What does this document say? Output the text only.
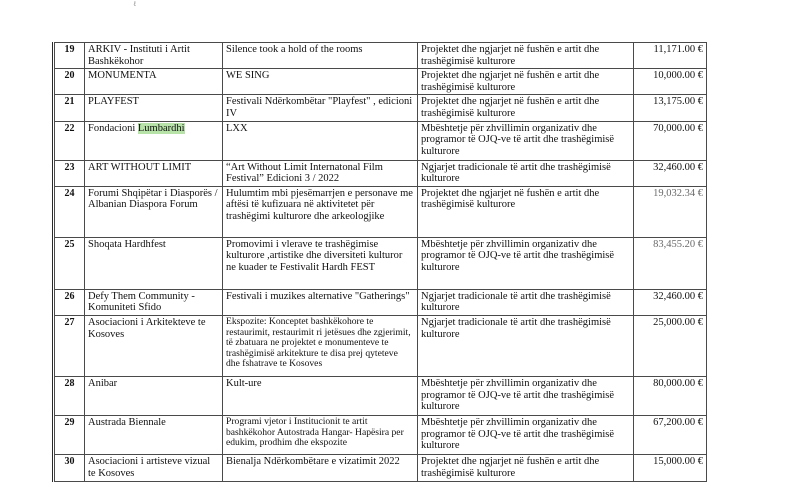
ℓ
19	ARKIV - Instituti i Artit Bashkëkohor	Silence took a hold of the rooms	Projektet dhe ngjarjet në fushën e artit dhe trashëgimisë kulturore	11,171.00 €
20	MONUMENTA	WE SING	Projektet dhe ngjarjet në fushën e artit dhe trashëgimisë kulturore	10,000.00 €
21	PLAYFEST	Festivali Ndërkombëtar "Playfest" , edicioni IV	Projektet dhe ngjarjet në fushën e artit dhe trashëgimisë kulturore	13,175.00 €
22	Fondacioni Lumbardhi	LXX	Mbështetje për zhvillimin organizativ dhe programor të OJQ-ve të artit dhe trashëgimisë kulturore	70,000.00 €
23	ART WITHOUT LIMIT	“Art Without Limit Internatonal Film Festival” Edicioni 3 / 2022	Ngjarjet tradicionale të artit dhe trashëgimisë kulturore	32,460.00 €
24	Forumi Shqipëtar i Diasporës / Albanian Diaspora Forum	Hulumtim mbi pjesëmarrjen e personave me aftësi të kufizuara në aktivitetet për trashëgimi kulturore dhe arkeologjike	Projektet dhe ngjarjet në fushën e artit dhe trashëgimisë kulturore	19,032.34 €
25	Shoqata Hardhfest	Promovimi i vlerave te trashëgimise kulturore ,artistike dhe diversiteti kulturor ne kuader te Festivalit Hardh FEST	Mbështetje për zhvillimin organizativ dhe programor të OJQ-ve të artit dhe trashëgimisë kulturore	83,455.20 €
26	Defy Them Community - Komuniteti Sfido	Festivali i muzikes alternative "Gatherings"	Ngjarjet tradicionale të artit dhe trashëgimisë kulturore	32,460.00 €
27	Asociacioni i Arkitekteve te Kosoves	Ekspozite: Konceptet bashkëkohore te restaurimit, restaurimit ri jetësues dhe zgjerimit, të zbatuara ne projektet e monumenteve te trashëgimisë arkitekture te disa prej qyteteve dhe fshatrave te Kosoves	Ngjarjet tradicionale të artit dhe trashëgimisë kulturore	25,000.00 €
28	Anibar	Kult-ure	Mbështetje për zhvillimin organizativ dhe programor të OJQ-ve të artit dhe trashëgimisë kulturore	80,000.00 €
29	Austrada Biennale	Programi vjetor i Institucionit te artit bashkëkohor Autostrada Hangar- Hapësira per edukim, prodhim dhe ekspozite	Mbështetje për zhvillimin organizativ dhe programor të OJQ-ve të artit dhe trashëgimisë kulturore	67,200.00 €
30	Asociacioni i artisteve vizual te Kosoves	Bienalja Ndërkombëtare e vizatimit 2022	Projektet dhe ngjarjet në fushën e artit dhe trashëgimisë kulturore	15,000.00 €
